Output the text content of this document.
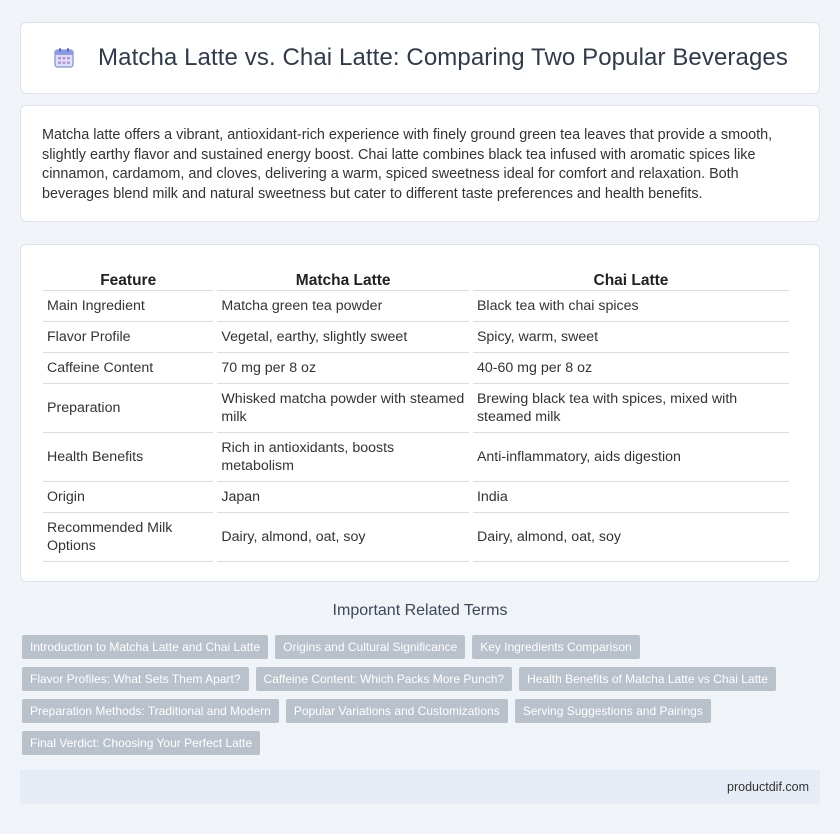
Matcha Latte vs. Chai Latte: Comparing Two Popular Beverages

Matcha latte offers a vibrant, antioxidant-rich experience with finely ground green tea leaves that provide a smooth, slightly earthy flavor and sustained energy boost. Chai latte combines black tea infused with aromatic spices like cinnamon, cardamom, and cloves, delivering a warm, spiced sweetness ideal for comfort and relaxation. Both beverages blend milk and natural sweetness but cater to different taste preferences and health benefits.

Feature	Matcha Latte	Chai Latte
Main Ingredient	Matcha green tea powder	Black tea with chai spices
Flavor Profile	Vegetal, earthy, slightly sweet	Spicy, warm, sweet
Caffeine Content	70 mg per 8 oz	40-60 mg per 8 oz
Preparation	Whisked matcha powder with steamed milk	Brewing black tea with spices, mixed with steamed milk
Health Benefits	Rich in antioxidants, boosts metabolism	Anti-inflammatory, aids digestion
Origin	Japan	India
Recommended Milk Options	Dairy, almond, oat, soy	Dairy, almond, oat, soy
Important Related Terms
Introduction to Matcha Latte and Chai Latte	Origins and Cultural Significance	Key Ingredients Comparison
Flavor Profiles: What Sets Them Apart?	Caffeine Content: Which Packs More Punch?	Health Benefits of Matcha Latte vs Chai Latte
Preparation Methods: Traditional and Modern	Popular Variations and Customizations	Serving Suggestions and Pairings
Final Verdict: Choosing Your Perfect Latte
productdif.com
